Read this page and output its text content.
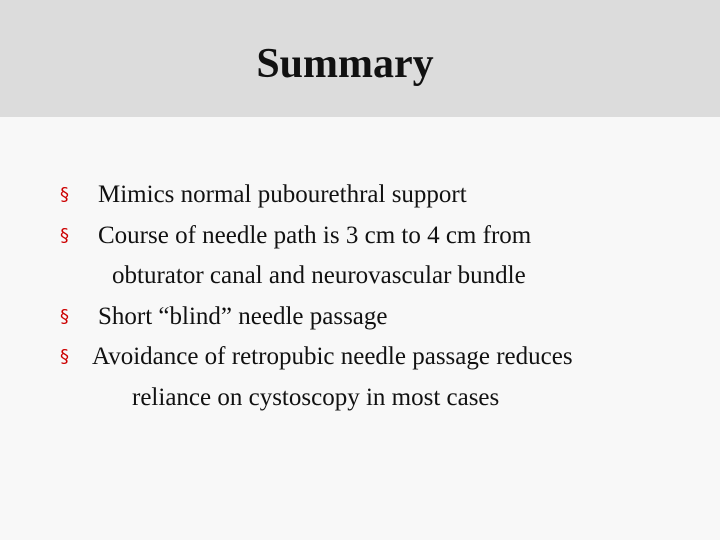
Summary
§	Mimics normal pubourethral support
§	Course of needle path is 3 cm to 4 cm from
obturator canal and neurovascular bundle
§	Short “blind” needle passage
§ Avoidance of retropubic needle passage reduces
reliance on cystoscopy in most cases
